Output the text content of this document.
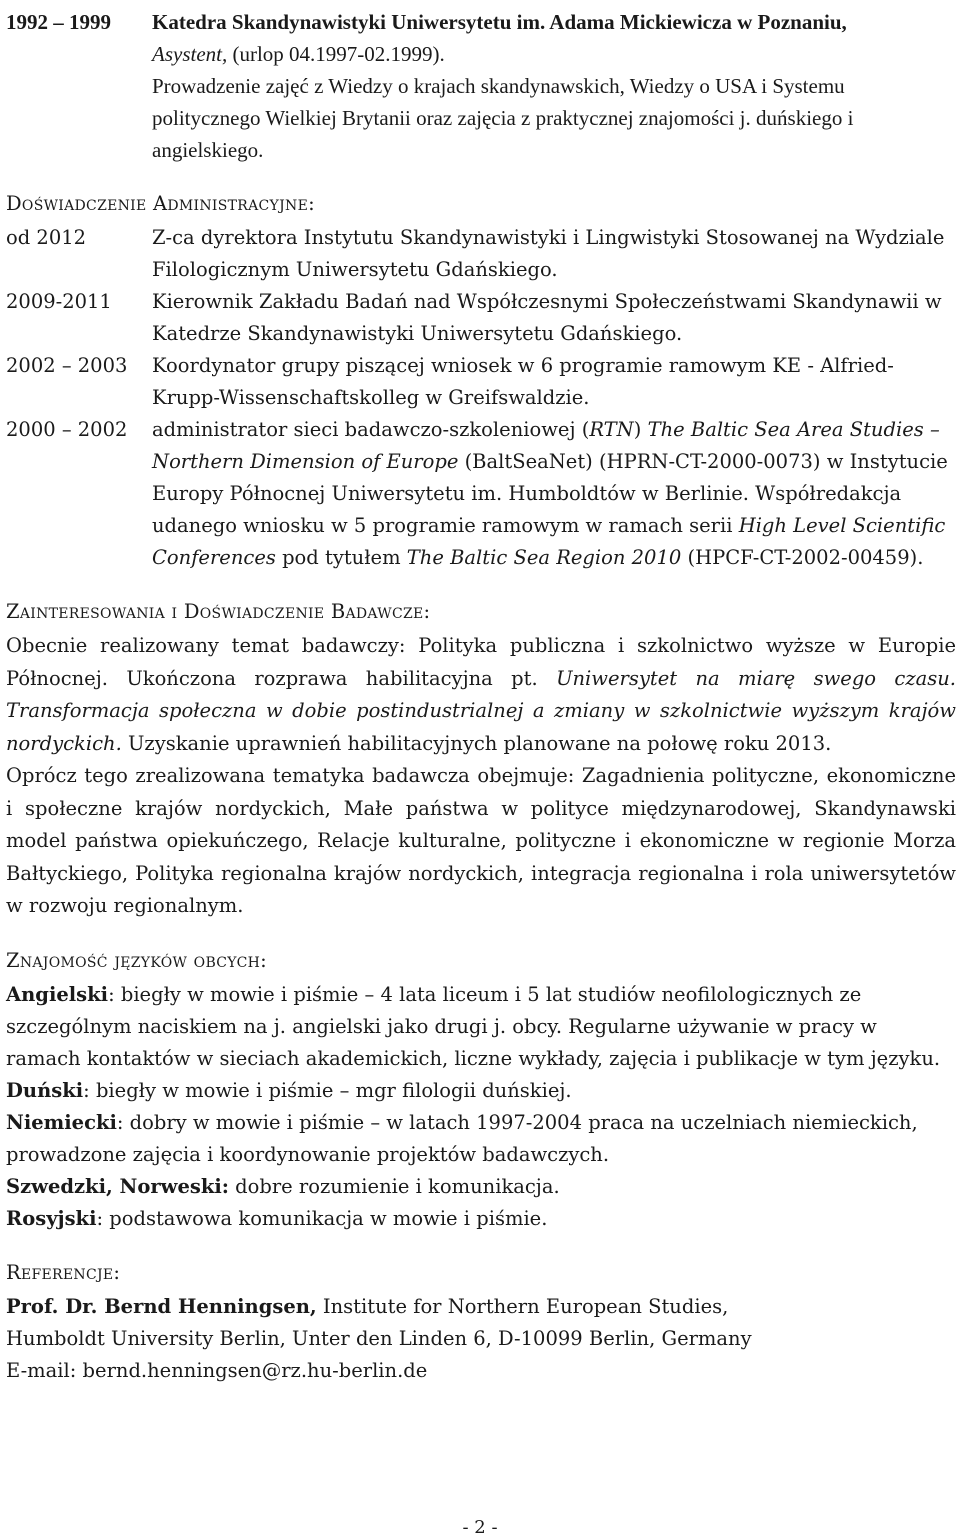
1992 – 1999 Katedra Skandynawistyki Uniwersytetu im. Adama Mickiewicza w Poznaniu,
Asystent, (urlop 04.1997-02.1999).
Prowadzenie zajęć z Wiedzy o krajach skandynawskich, Wiedzy o USA i Systemu politycznego Wielkiej Brytanii oraz zajęcia z praktycznej znajomości j. duńskiego i angielskiego.
Doświadczenie Administracyjne:
od 2012	Z-ca dyrektora Instytutu Skandynawistyki i Lingwistyki Stosowanej na Wydziale Filologicznym Uniwersytetu Gdańskiego.
2009-2011 Kierownik Zakładu Badań nad Współczesnymi Społeczeństwami Skandynawii w Katedrze Skandynawistyki Uniwersytetu Gdańskiego.
2002 – 2003 Koordynator grupy piszącej wniosek w 6 programie ramowym KE - Alfried-Krupp-Wissenschaftskolleg w Greifswaldzie.
2000 – 2002 administrator sieci badawczo-szkoleniowej (RTN) The Baltic Sea Area Studies – Northern Dimension of Europe (BaltSeaNet) (HPRN-CT-2000-0073) w Instytucie Europy Północnej Uniwersytetu im. Humboldtów w Berlinie. Współredakcja udanego wniosku w 5 programie ramowym w ramach serii High Level Scientific Conferences pod tytułem The Baltic Sea Region 2010 (HPCF-CT-2002-00459).
Zainteresowania i Doświadczenie Badawcze:

Obecnie realizowany temat badawczy: Polityka publiczna i szkolnictwo wyższe w Europie Północnej. Ukończona rozprawa habilitacyjna pt. Uniwersytet na miarę swego czasu. Transformacja społeczna w dobie postindustrialnej a zmiany w szkolnictwie wyższym krajów nordyckich. Uzyskanie uprawnień habilitacyjnych planowane na połowę roku 2013.

Oprócz tego zrealizowana tematyka badawcza obejmuje: Zagadnienia polityczne, ekonomiczne i społeczne krajów nordyckich, Małe państwa w polityce międzynarodowej, Skandynawski model państwa opiekuńczego, Relacje kulturalne, polityczne i ekonomiczne w regionie Morza Bałtyckiego, Polityka regionalna krajów nordyckich, integracja regionalna i rola uniwersytetów w rozwoju regionalnym.

Znajomość języków obcych:

Angielski: biegły w mowie i piśmie – 4 lata liceum i 5 lat studiów neofilologicznych ze szczególnym naciskiem na j. angielski jako drugi j. obcy. Regularne używanie w pracy w ramach kontaktów w sieciach akademickich, liczne wykłady, zajęcia i publikacje w tym języku.

Duński: biegły w mowie i piśmie – mgr filologii duńskiej.

Niemiecki: dobry w mowie i piśmie – w latach 1997-2004 praca na uczelniach niemieckich, prowadzone zajęcia i koordynowanie projektów badawczych.

Szwedzki, Norweski: dobre rozumienie i komunikacja.

Rosyjski: podstawowa komunikacja w mowie i piśmie.

Referencje:

Prof. Dr. Bernd Henningsen, Institute for Northern European Studies,

Humboldt University Berlin, Unter den Linden 6, D-10099 Berlin, Germany

E-mail: bernd.henningsen@rz.hu-berlin.de

- 2 -
